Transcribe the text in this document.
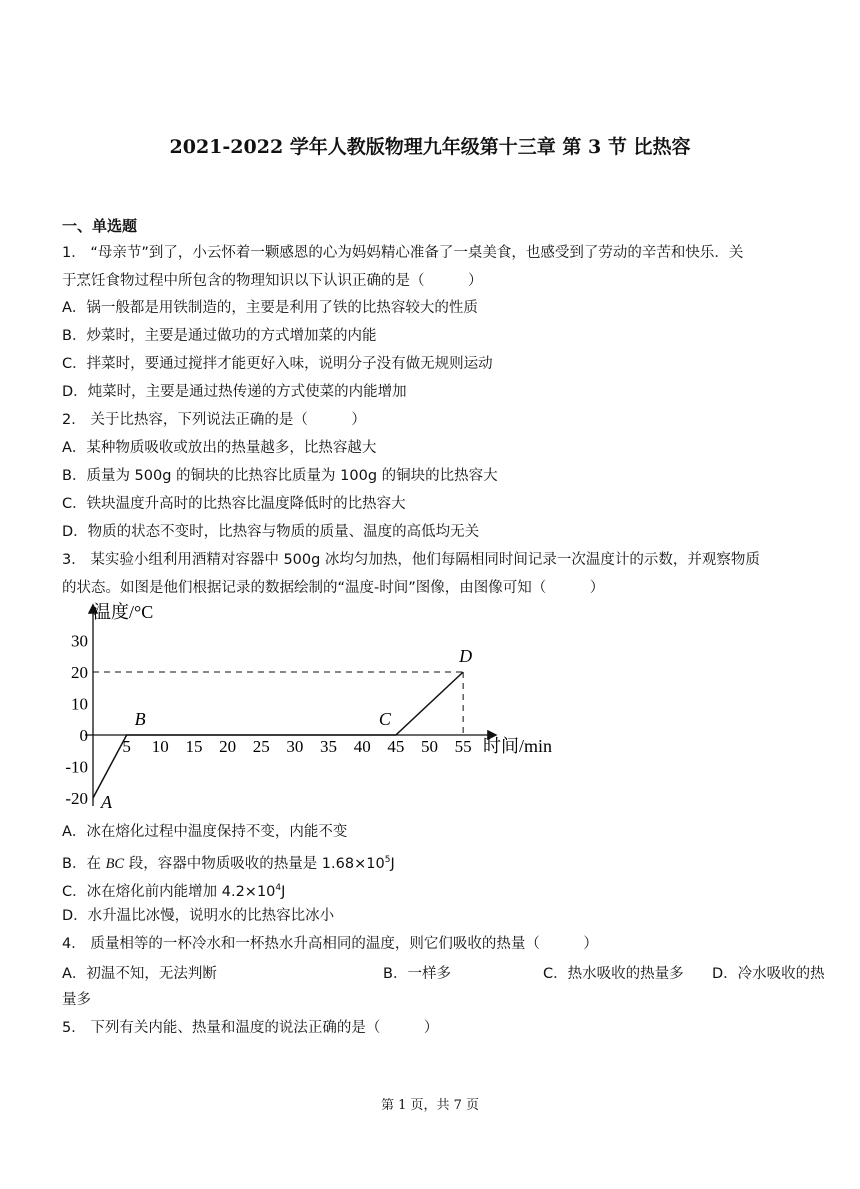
2021-2022 学年人教版物理九年级第十三章 第 3 节 比热容
一、单选题
1． “母亲节”到了，小云怀着一颗感恩的心为妈妈精心准备了一桌美食，也感受到了劳动的辛苦和快乐．关
于烹饪食物过程中所包含的物理知识以下认识正确的是（　　　）
A．锅一般都是用铁制造的，主要是利用了铁的比热容较大的性质
B．炒菜时，主要是通过做功的方式增加菜的内能
C．拌菜时，要通过搅拌才能更好入味，说明分子没有做无规则运动
D．炖菜时，主要是通过热传递的方式使菜的内能增加
2． 关于比热容，下列说法正确的是（　　　）
A．某种物质吸收或放出的热量越多，比热容越大
B．质量为 500g 的铜块的比热容比质量为 100g 的铜块的比热容大
C．铁块温度升高时的比热容比温度降低时的比热容大
D．物质的状态不变时，比热容与物质的质量、温度的高低均无关
3． 某实验小组利用酒精对容器中 500g 冰均匀加热，他们每隔相同时间记录一次温度计的示数，并观察物质
的状态。如图是他们根据记录的数据绘制的“温度-时间”图像，由图像可知（　　　）
温度/°C
时间/min
30
20
10
0
-10
-20
5 10 15 20 25 30 35 40 45 50 55
A
B	C
D
A．冰在熔化过程中温度保持不变，内能不变
B．在 BC 段，容器中物质吸收的热量是 $1.68\times 10^5J$
C．冰在熔化前内能增加 $4.2\times 10^4J$
D．水升温比冰慢，说明水的比热容比冰小
4． 质量相等的一杯冷水和一杯热水升高相同的温度，则它们吸收的热量（　　　）
A．初温不知，无法判断	B．一样多	C．热水吸收的热量多 D．冷水吸收的热
量多
5． 下列有关内能、热量和温度的说法正确的是（　　　）
第 1 页，共 7 页
